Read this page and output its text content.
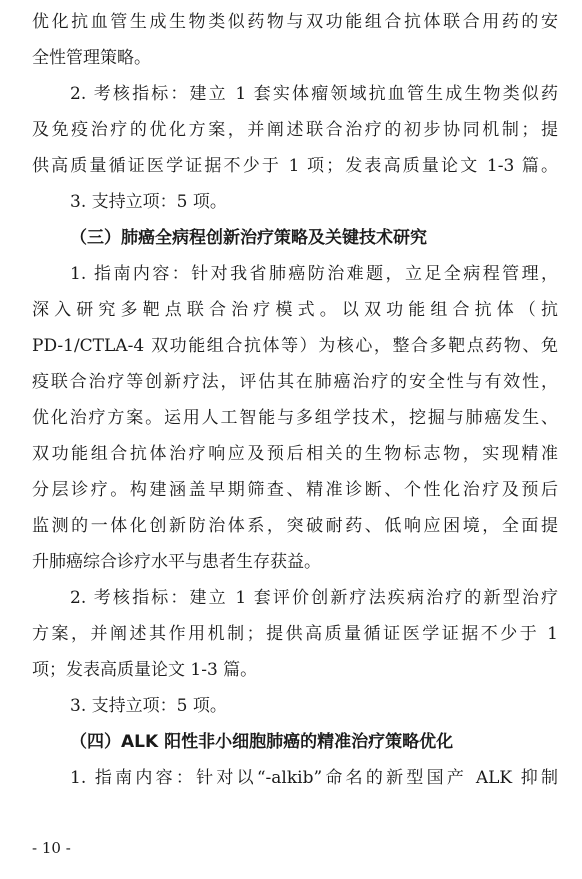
优化抗血管生成生物类似药物与双功能组合抗体联合用药的安
全性管理策略。
2. 考核指标：建立 1 套实体瘤领域抗血管生成生物类似药
及免疫治疗的优化方案，并阐述联合治疗的初步协同机制；提
供高质量循证医学证据不少于 1 项；发表高质量论文 1-3 篇。
3. 支持立项：5 项。
（三）肺癌全病程创新治疗策略及关键技术研究
1. 指南内容：针对我省肺癌防治难题，立足全病程管理，
深入研究多靶点联合治疗模式。以双功能组合抗体（抗
PD-1/CTLA-4 双功能组合抗体等）为核心，整合多靶点药物、免
疫联合治疗等创新疗法，评估其在肺癌治疗的安全性与有效性，
优化治疗方案。运用人工智能与多组学技术，挖掘与肺癌发生、
双功能组合抗体治疗响应及预后相关的生物标志物，实现精准
分层诊疗。构建涵盖早期筛查、精准诊断、个性化治疗及预后
监测的一体化创新防治体系，突破耐药、低响应困境，全面提
升肺癌综合诊疗水平与患者生存获益。
2. 考核指标：建立 1 套评价创新疗法疾病治疗的新型治疗
方案，并阐述其作用机制；提供高质量循证医学证据不少于 1
项；发表高质量论文 1-3 篇。
3. 支持立项：5 项。
（四）ALK 阳性非小细胞肺癌的精准治疗策略优化
1. 指南内容：针对以“-alkib”命名的新型国产 ALK 抑制
- 10 -
